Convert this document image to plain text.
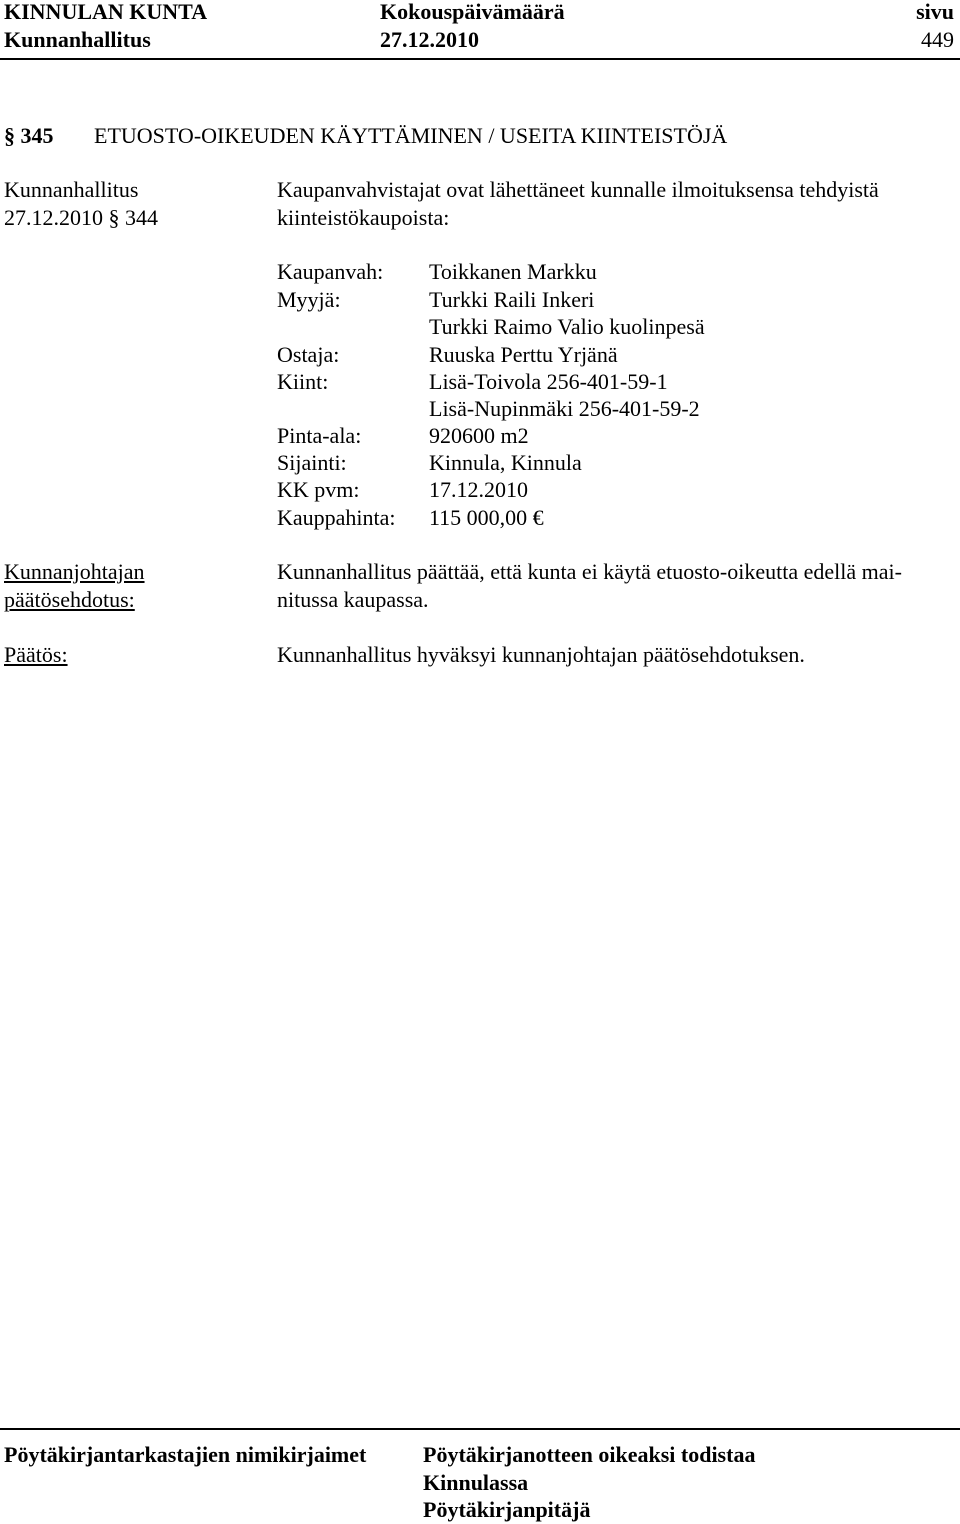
KINNULAN KUNTA
Kunnanhallitus
Kokouspäivämäärä
27.12.2010
sivu
449
§ 345 ETUOSTO-OIKEUDEN KÄYTTÄMINEN / USEITA KIINTEISTÖJÄ
Kunnanhallitus
27.12.2010 § 344
Kaupanvahvistajat ovat lähettäneet kunnalle ilmoituksensa tehdyistä
kiinteistökaupoista:
Kaupanvah: Toikkanen Markku
Myyjä:	Turkki Raili Inkeri
Turkki Raimo Valio kuolinpesä
Ostaja:	Ruuska Perttu Yrjänä
Kiint:	Lisä-Toivola 256-401-59-1
Lisä-Nupinmäki 256-401-59-2
Pinta-ala:	920600 m2
Sijainti:	Kinnula, Kinnula
KK pvm:	17.12.2010
Kauppahinta: 115 000,00 €
Kunnanjohtajan
päätösehdotus:
Kunnanhallitus päättää, että kunta ei käytä etuosto-oikeutta edellä mai-
nitussa kaupassa.
Päätös:	Kunnanhallitus hyväksyi kunnanjohtajan päätösehdotuksen.
Pöytäkirjantarkastajien nimikirjaimet	Pöytäkirjanotteen oikeaksi todistaa
Kinnulassa
Pöytäkirjanpitäjä
